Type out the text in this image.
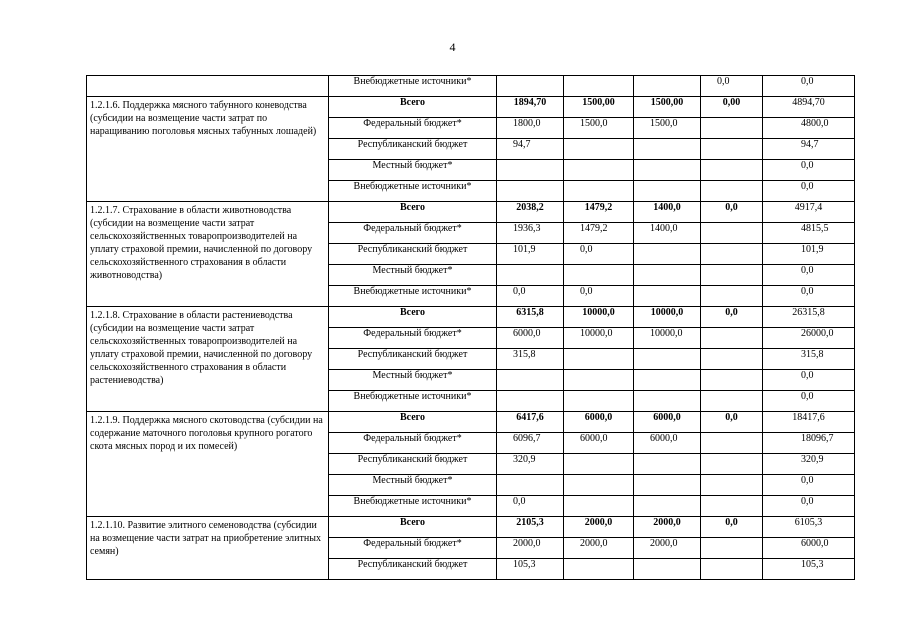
4
	Внебюджетные источники*				0,0	0,0
1.2.1.6. Поддержка мясного табунного коневодства (субсидии на возмещение части затрат по наращиванию поголовья мясных табунных лошадей)	Всего	1894,70	1500,00	1500,00	0,00	4894,70
	Федеральный бюджет*	1800,0	1500,0	1500,0		4800,0
	Республиканский бюджет	94,7				94,7
	Местный бюджет*					0,0
	Внебюджетные источники*					0,0
1.2.1.7. Страхование в области животноводства (субсидии на возмещение части затрат сельскохозяйственных товаропроизводителей на уплату страховой премии, начисленной по договору сельскохозяйственного страхования в области животноводства)	Всего	2038,2	1479,2	1400,0	0,0	4917,4
	Федеральный бюджет*	1936,3	1479,2	1400,0		4815,5
	Республиканский бюджет	101,9	0,0			101,9
	Местный бюджет*					0,0
	Внебюджетные источники*	0,0	0,0			0,0
1.2.1.8. Страхование в области растениеводства (субсидии на возмещение части затрат сельскохозяйственных товаропроизводителей на уплату страховой премии, начисленной по договору сельскохозяйственного страхования в области растениеводства)	Всего	6315,8	10000,0	10000,0	0,0	26315,8
	Федеральный бюджет*	6000,0	10000,0	10000,0		26000,0
	Республиканский бюджет	315,8				315,8
	Местный бюджет*					0,0
	Внебюджетные источники*					0,0
1.2.1.9. Поддержка мясного скотоводства (субсидии на содержание маточного поголовья крупного рогатого скота мясных пород и их помесей)	Всего	6417,6	6000,0	6000,0	0,0	18417,6
	Федеральный бюджет*	6096,7	6000,0	6000,0		18096,7
	Республиканский бюджет	320,9				320,9
	Местный бюджет*					0,0
	Внебюджетные источники*	0,0				0,0
1.2.1.10. Развитие элитного семеноводства (субсидии на возмещение части затрат на приобретение элитных семян)	Всего	2105,3	2000,0	2000,0	0,0	6105,3
	Федеральный бюджет*	2000,0	2000,0	2000,0		6000,0
	Республиканский бюджет	105,3				105,3
